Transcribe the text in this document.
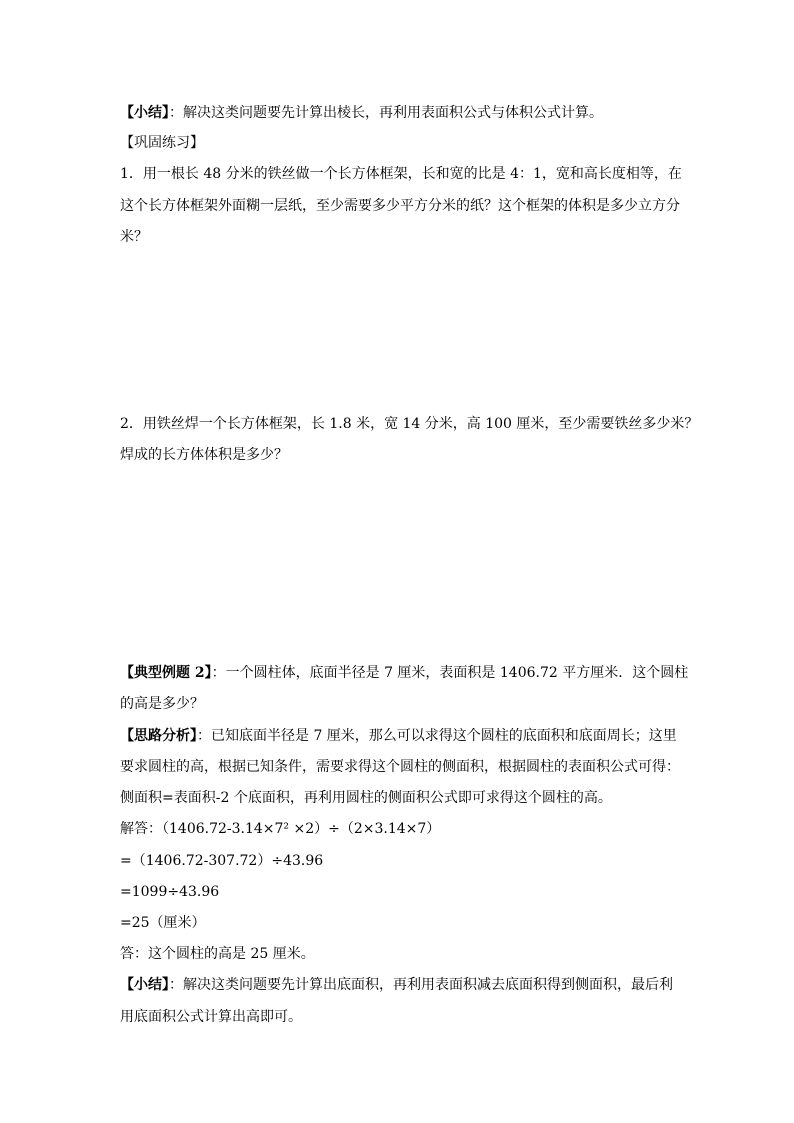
【小结】：解决这类问题要先计算出棱长，再利用表面积公式与体积公式计算。
【巩固练习】
1．用一根长 48 分米的铁丝做一个长方体框架，长和宽的比是 4：1，宽和高长度相等，在
这个长方体框架外面糊一层纸，至少需要多少平方分米的纸？这个框架的体积是多少立方分
米？
2．用铁丝焊一个长方体框架，长 1.8 米，宽 14 分米，高 100 厘米，至少需要铁丝多少米？
焊成的长方体体积是多少？
【典型例题 2】：一个圆柱体，底面半径是 7 厘米，表面积是 1406.72 平方厘米．这个圆柱
的高是多少？
【思路分析】：已知底面半径是 7 厘米，那么可以求得这个圆柱的底面积和底面周长；这里
要求圆柱的高，根据已知条件，需要求得这个圆柱的侧面积，根据圆柱的表面积公式可得：
侧面积=表面积-2 个底面积，再利用圆柱的侧面积公式即可求得这个圆柱的高。
解答：（1406.72-3.14×7² ×2）÷（2×3.14×7）
=（1406.72-307.72）÷43.96
=1099÷43.96
=25（厘米）
答：这个圆柱的高是 25 厘米。
【小结】：解决这类问题要先计算出底面积，再利用表面积减去底面积得到侧面积，最后利
用底面积公式计算出高即可。
